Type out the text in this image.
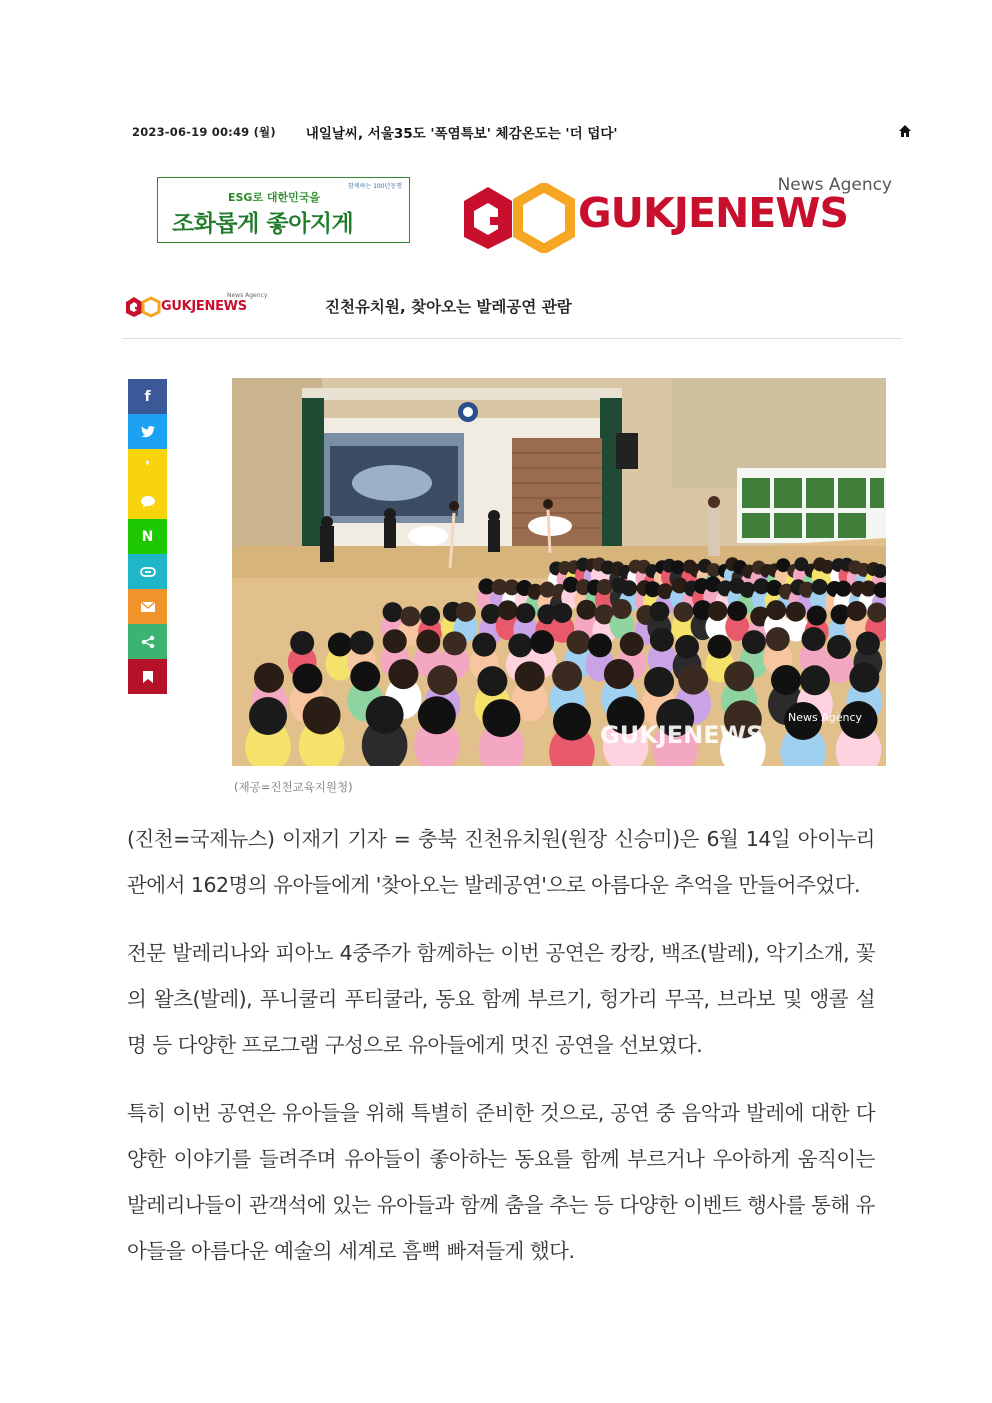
2023-06-19 00:49 (월) 내일날씨, 서울35도 '폭염특보' 체감온도는 '더 덥다'
ESG로 대한민국을
함께하는 100년동행
조화롭게 좋아지게
News Agency
GUKJENEWS
News Agency
GUKJENEWS	진천유치원, 찾아오는 발레공연 관람
f
❜
N
News Agency
GUKJENEWS
(제공=진천교육지원청)

(진천=국제뉴스) 이재기 기자 = 충북 진천유치원(원장 신승미)은 6월 14일 아이누리관에서 162명의 유아들에게 '찾아오는 발레공연'으로 아름다운 추억을 만들어주었다.

전문 발레리나와 피아노 4중주가 함께하는 이번 공연은 캉캉, 백조(발레), 악기소개, 꽃의 왈츠(발레), 푸니쿨리 푸티쿨라, 동요 함께 부르기, 헝가리 무곡, 브라보 및 앵콜 설명 등 다양한 프로그램 구성으로 유아들에게 멋진 공연을 선보였다.

특히 이번 공연은 유아들을 위해 특별히 준비한 것으로, 공연 중 음악과 발레에 대한 다양한 이야기를 들려주며 유아들이 좋아하는 동요를 함께 부르거나 우아하게 움직이는 발레리나들이 관객석에 있는 유아들과 함께 춤을 추는 등 다양한 이벤트 행사를 통해 유아들을 아름다운 예술의 세계로 흠뻑 빠져들게 했다.
